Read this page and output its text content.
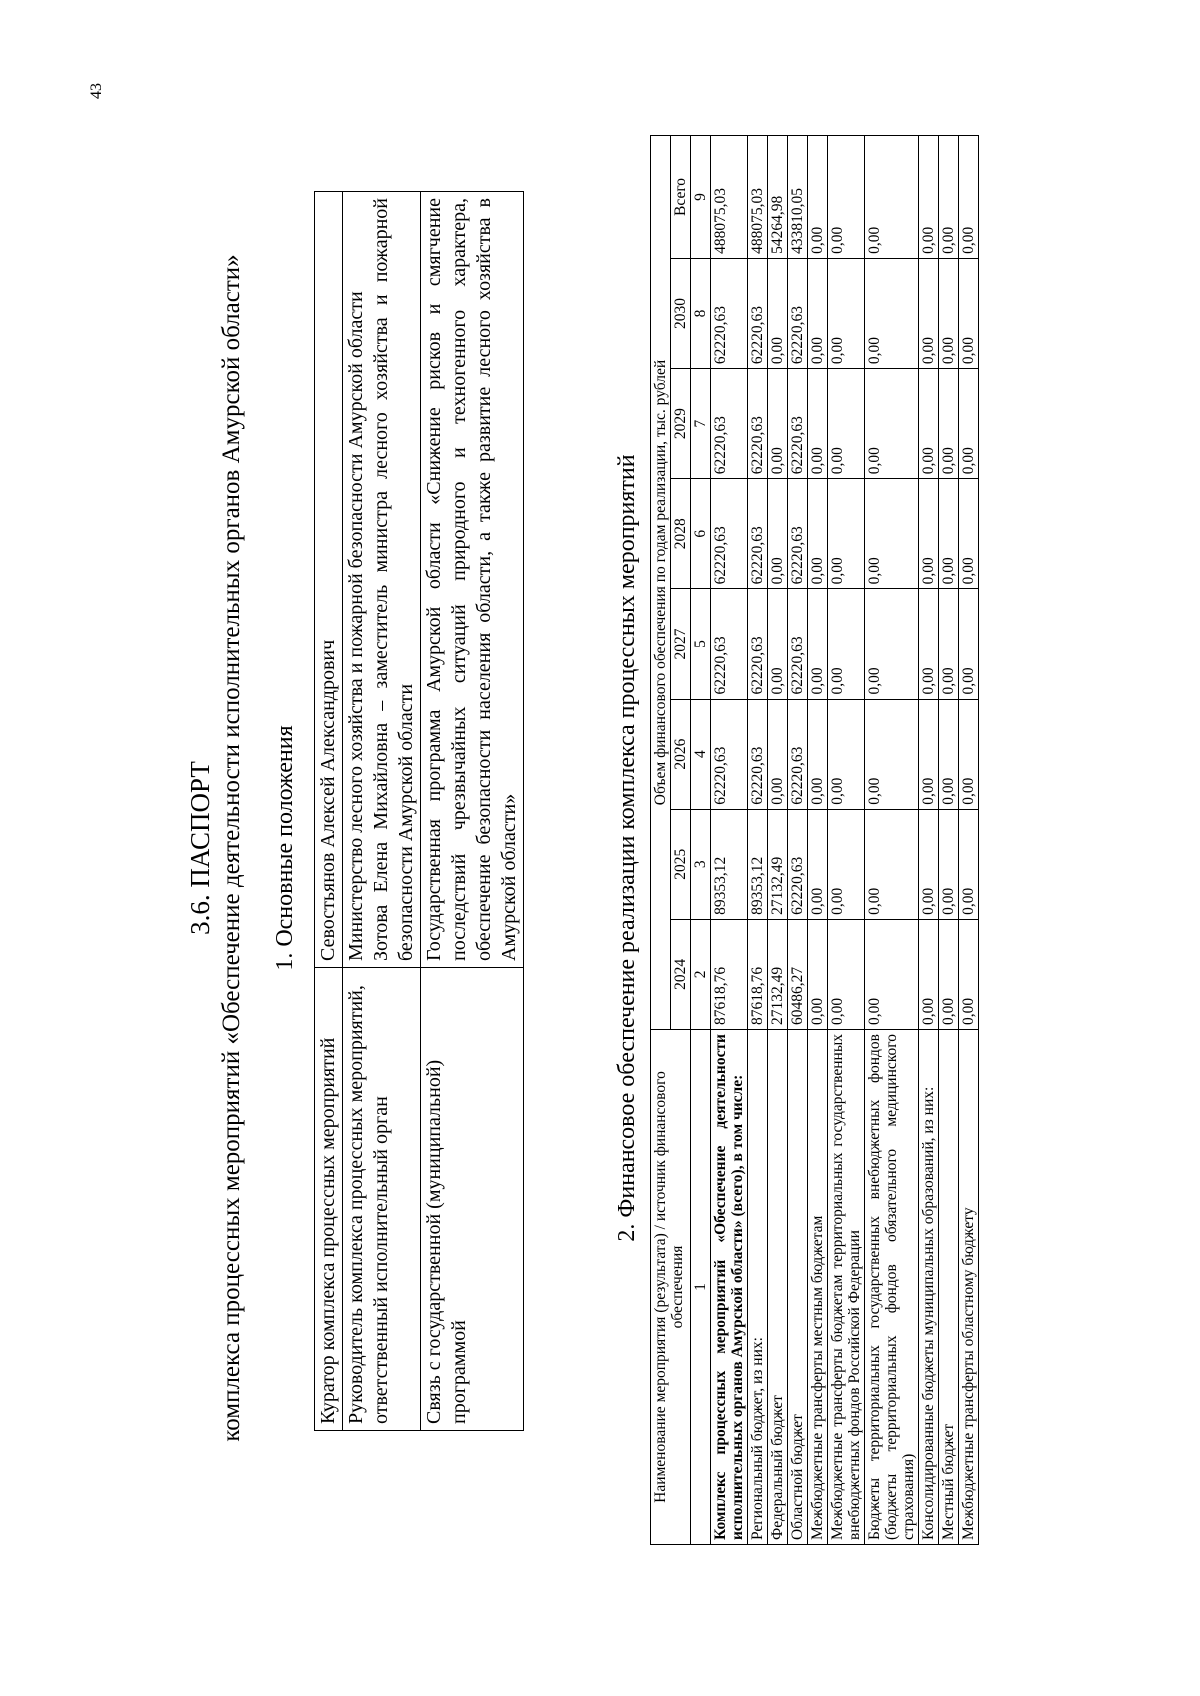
43
3.6. ПАСПОРТ комплекса процессных мероприятий «Обеспечение деятельности исполнительных органов Амурской области» 1. Основные положения
Куратор комплекса процессных мероприятий	Севостьянов Алексей Александрович
Руководитель комплекса процессных мероприятий, ответственный исполнительный орган	Министерство лесного хозяйства и пожарной безопасности Амурской области Зотова Елена Михайловна – заместитель министра лесного хозяйства и пожарной безопасности Амурской области

Связь с государственной (муниципальной) программой	Государственная программа Амурской области «Снижение рисков и смягчение последствий чрезвычайных ситуаций природного и техногенного характера, обеспечение безопасности населения области, а также развитие лесного хозяйства в Амурской области»	2. Финансовое обеспечение реализации комплекса процессных мероприятий
Наименование мероприятия (результата) / источник финансового обеспечения	Объем финансового обеспечения по годам реализации, тыс. рублей							
	2024	2025	2026	2027	2028	2029	2030	Всего
1	2	3	4	5	6	7	8	9
Комплекс процессных мероприятий «Обеспечение деятельности исполнительных органов Амурской области» (всего), в том числе:	87618,76	89353,12	62220,63	62220,63	62220,63	62220,63	62220,63	488075,03
Региональный бюджет, из них:	87618,76	89353,12	62220,63	62220,63	62220,63	62220,63	62220,63	488075,03
Федеральный бюджет	27132,49	27132,49	0,00	0,00	0,00	0,00	0,00	54264,98
Областной бюджет	60486,27	62220,63	62220,63	62220,63	62220,63	62220,63	62220,63	433810,05
Межбюджетные трансферты местным бюджетам	0,00	0,00	0,00	0,00	0,00	0,00	0,00	0,00
Межбюджетные трансферты бюджетам территориальных государственных внебюджетных фондов Российской Федерации	0,00	0,00	0,00	0,00	0,00	0,00	0,00	0,00
Бюджеты территориальных государственных внебюджетных фондов (бюджеты территориальных фондов обязательного медицинского страхования)	0,00	0,00	0,00	0,00	0,00	0,00	0,00	0,00
Консолидированные бюджеты муниципальных образований, из них:	0,00	0,00	0,00	0,00	0,00	0,00	0,00	0,00
Местный бюджет	0,00	0,00	0,00	0,00	0,00	0,00	0,00	0,00
Межбюджетные трансферты областному бюджету	0,00	0,00	0,00	0,00	0,00	0,00	0,00	0,00
